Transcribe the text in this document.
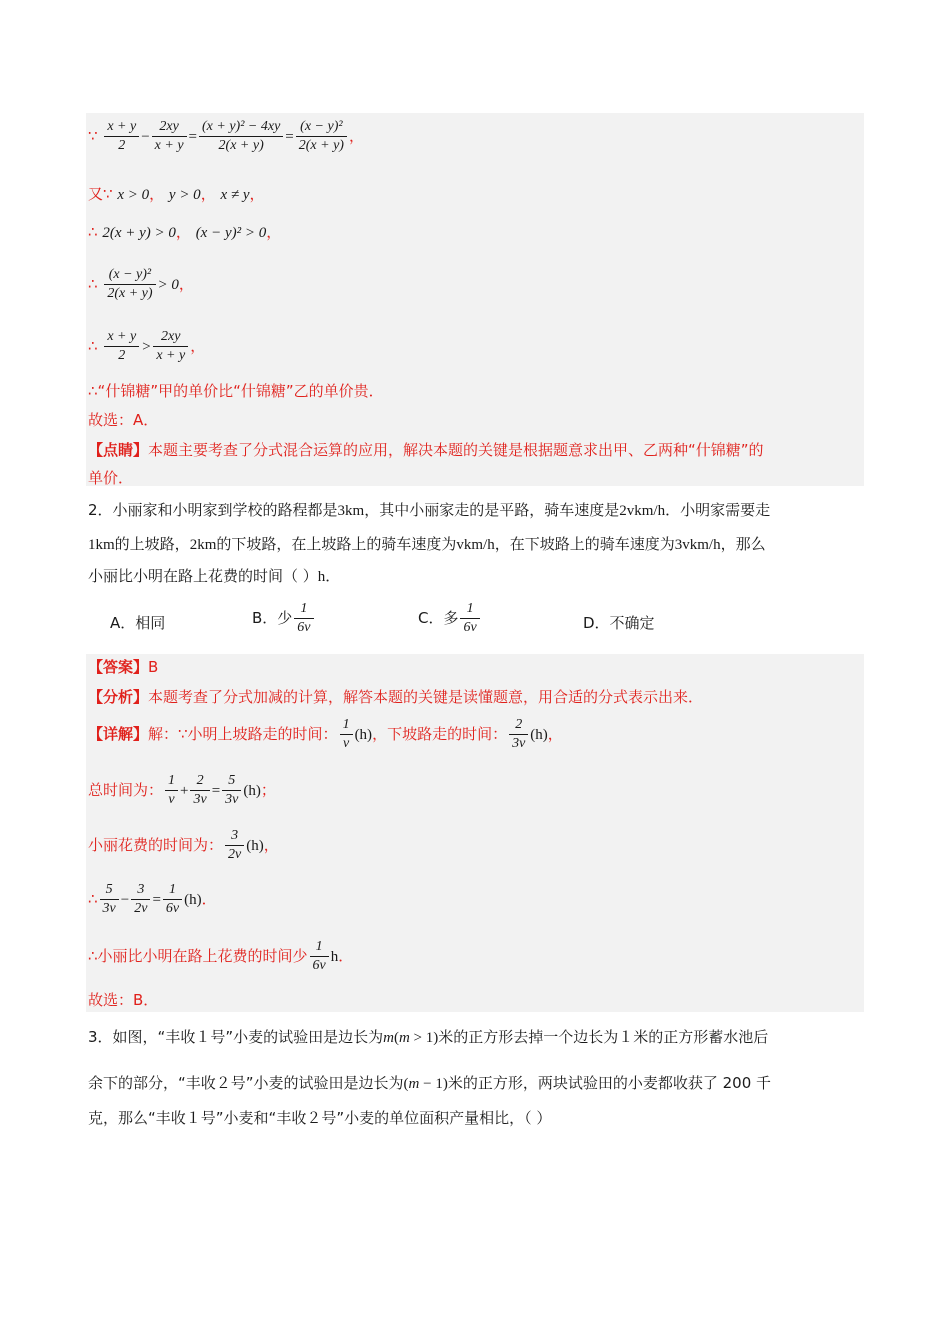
∵ $\frac{x + y}{2} - \frac{2xy}{x + y} = \frac{\text{(x + y)² − 4xy}}{2(x + y)} = \frac{\text{(x − y)²}}{2(x + y)}$ ，
又∵ x > 0， y > 0， x ≠ y，
∴ 2(x + y) > 0， (x − y)² > 0，
∴ $\frac{\text{(x − y)²}}{2(x + y)} > 0$，
∴ $\frac{x + y}{2} > \frac{2xy}{x + y}$ ，
∴“什锦糖”甲的单价比“什锦糖”乙的单价贵．
故选：A．
【点睛】本题主要考查了分式混合运算的应用，解决本题的关键是根据题意求出甲、乙两种“什锦糖”的
单价．
2．小丽家和小明家到学校的路程都是3km，其中小丽家走的是平路，骑车速度是2vkm/h．小明家需要走
1km的上坡路，2km的下坡路，在上坡路上的骑车速度为vkm/h，在下坡路上的骑车速度为3vkm/h，那么
小丽比小明在路上花费的时间（ ）h．
A．相同	B．少 $\frac{1}{6v}$	C．多 $\frac{1}{6v}$	D．不确定
【答案】B
【分析】本题考查了分式加减的计算，解答本题的关键是读懂题意，用合适的分式表示出来．
【详解】解：∵小明上坡路走的时间： $\frac{1}{v} (h)$，下坡路走的时间： $\frac{2}{3v} (h)$，
总时间为： $\frac{1}{v} + \frac{2}{3v} = \frac{5}{3v} (h)$；
小丽花费的时间为： $\frac{3}{2v} (h)$，
∴ $\frac{5}{3v} - \frac{3}{2v} = \frac{1}{6v} (h)$．
∴小丽比小明在路上花费的时间少 $\frac{1}{6v}$ h．
故选：B．
3．如图，“丰收１号”小麦的试验田是边长为m(m > 1)米的正方形去掉一个边长为１米的正方形蓄水池后
余下的部分，“丰收２号”小麦的试验田是边长为(m − 1)米的正方形，两块试验田的小麦都收获了 200 千
克，那么“丰收１号”小麦和“丰收２号”小麦的单位面积产量相比，（ ）
